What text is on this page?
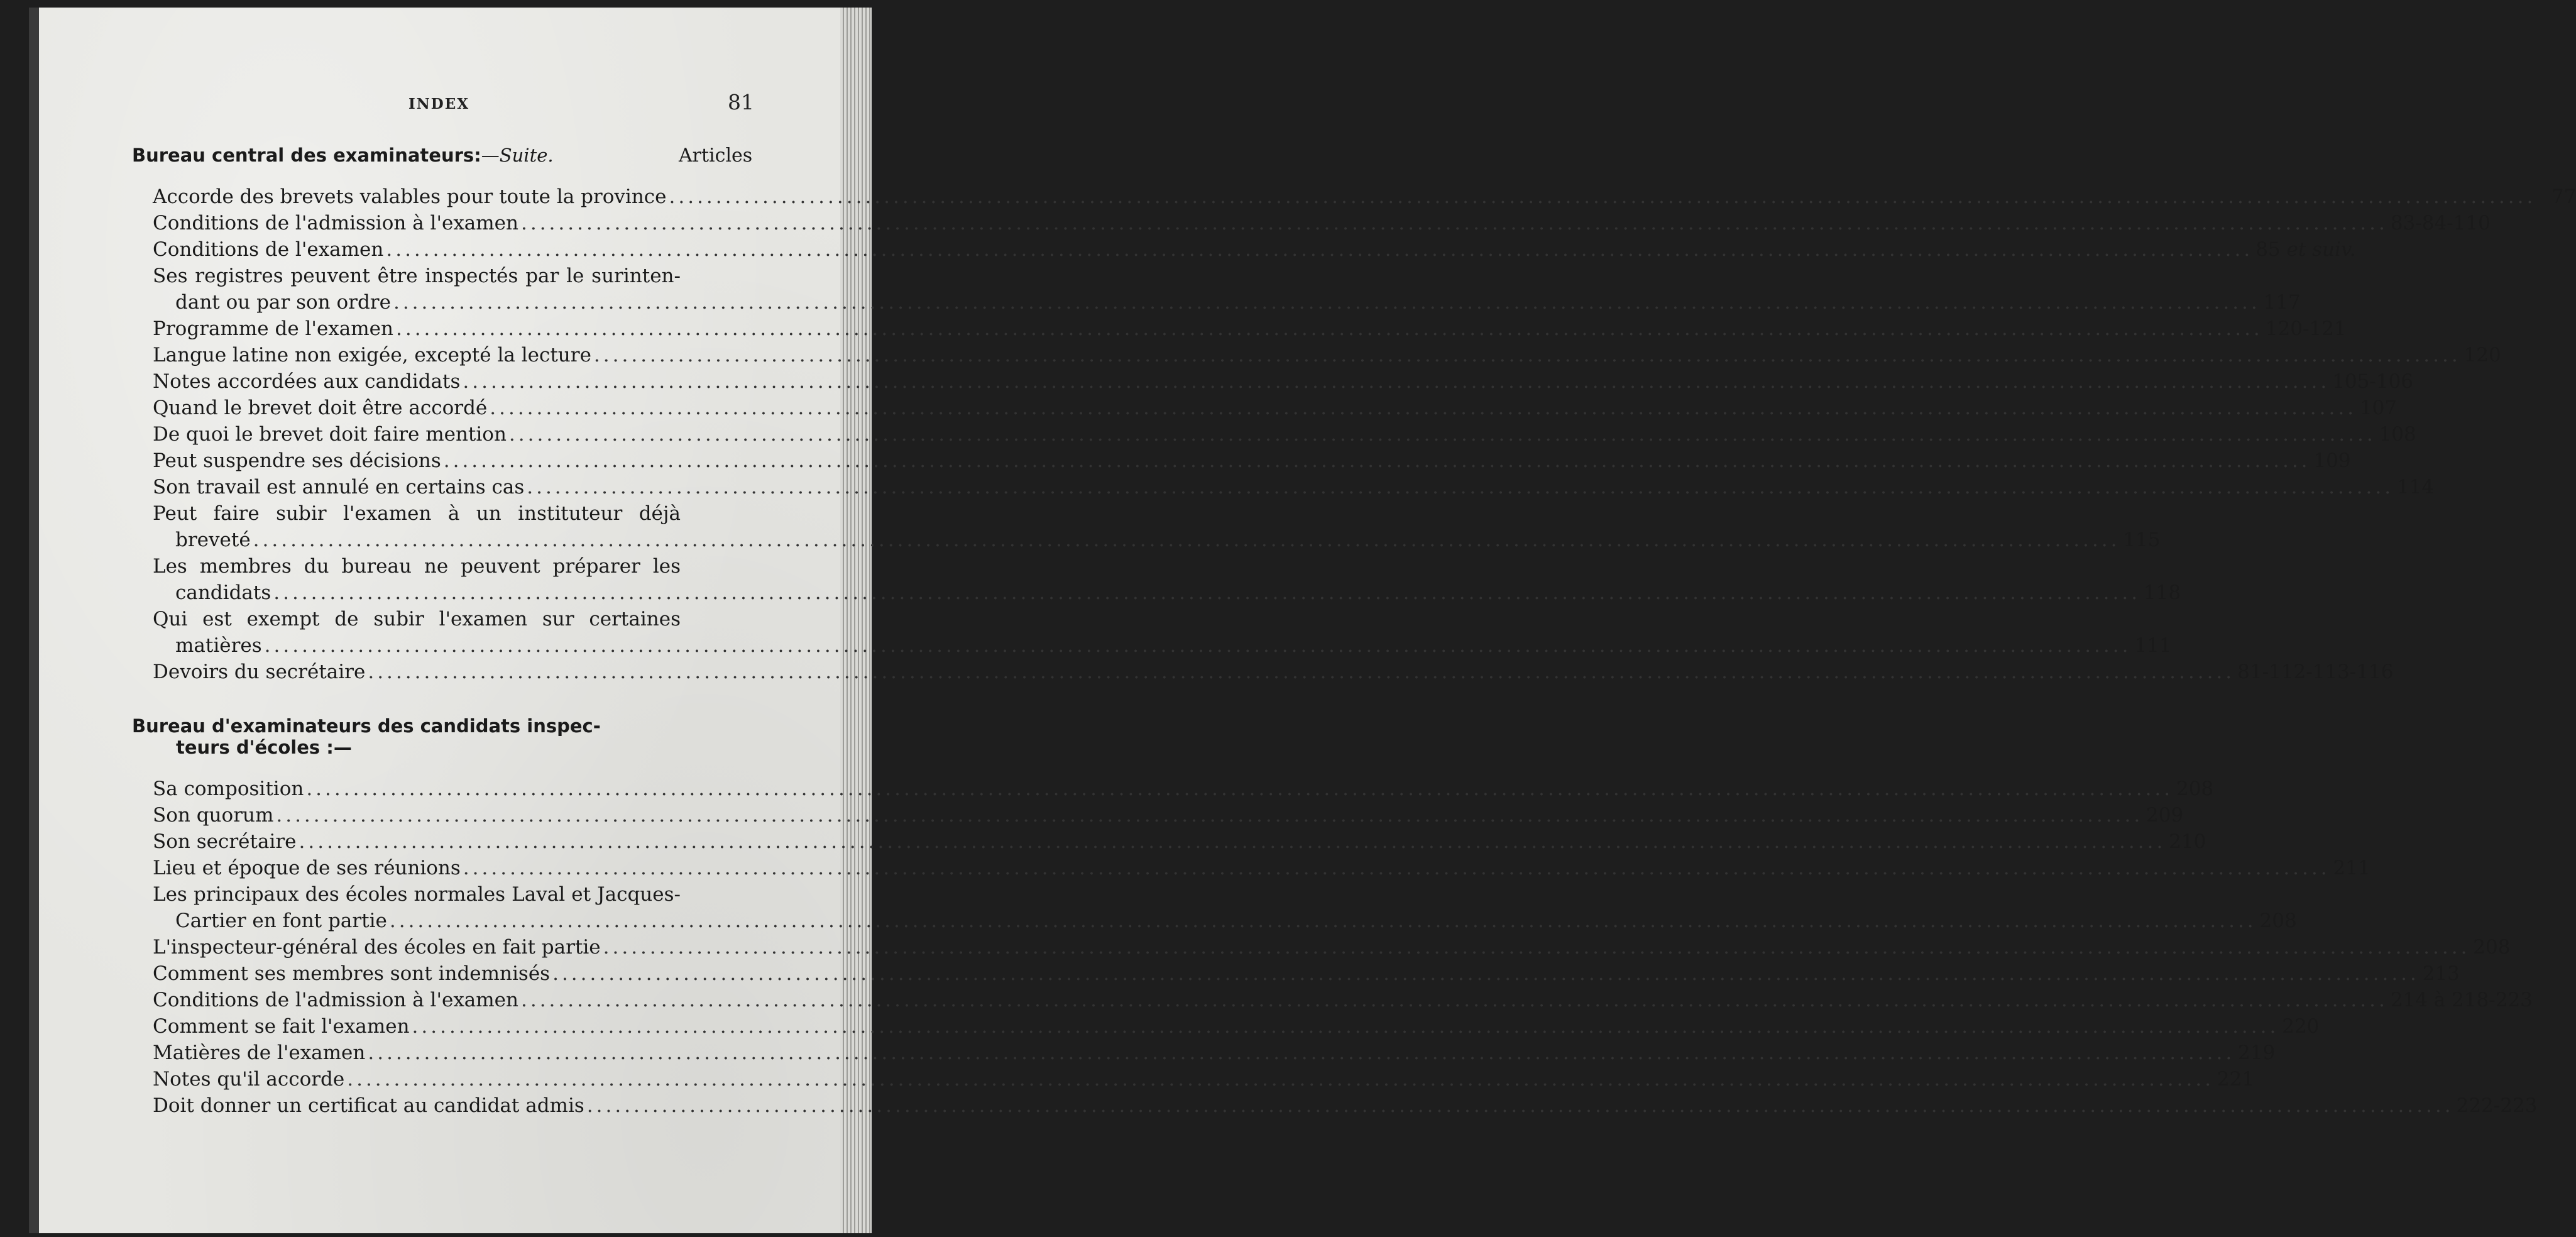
INDEX	81
Bureau central des examinateurs:—Suite.	Articles
Accorde des brevets valables pour toute la province ........................................................................................................................................................................................................ 77
Conditions de l'admission à l'examen ........................................................................................................................................................................................................ 83-84-110
Conditions de l'examen ........................................................................................................................................................................................................ 85 et suiv.
Ses registres peuvent être inspectés par le surinten-
dant ou par son ordre ........................................................................................................................................................................................................ 117
Programme de l'examen ........................................................................................................................................................................................................ 120-121
Langue latine non exigée, excepté la lecture ........................................................................................................................................................................................................ 120
Notes accordées aux candidats ........................................................................................................................................................................................................ 105-106
Quand le brevet doit être accordé ........................................................................................................................................................................................................ 107
De quoi le brevet doit faire mention ........................................................................................................................................................................................................ 108
Peut suspendre ses décisions ........................................................................................................................................................................................................ 109
Son travail est annulé en certains cas ........................................................................................................................................................................................................ 114
Peut faire subir l'examen à un instituteur déjà
breveté ........................................................................................................................................................................................................ 115
Les membres du bureau ne peuvent préparer les
candidats ........................................................................................................................................................................................................ 118
Qui est exempt de subir l'examen sur certaines
matières ........................................................................................................................................................................................................ 111
Devoirs du secrétaire ........................................................................................................................................................................................................ 81-112-113-116
Bureau d'examinateurs des candidats inspec-
teurs d'écoles :—
Sa composition ........................................................................................................................................................................................................ 208
Son quorum ........................................................................................................................................................................................................ 209
Son secrétaire ........................................................................................................................................................................................................ 210
Lieu et époque de ses réunions ........................................................................................................................................................................................................ 211
Les principaux des écoles normales Laval et Jacques-
Cartier en font partie ........................................................................................................................................................................................................ 208
L'inspecteur-général des écoles en fait partie ........................................................................................................................................................................................................ 208
Comment ses membres sont indemnisés ........................................................................................................................................................................................................ 213
Conditions de l'admission à l'examen ........................................................................................................................................................................................................ 214 à 218-223
Comment se fait l'examen ........................................................................................................................................................................................................ 220
Matières de l'examen ........................................................................................................................................................................................................ 219
Notes qu'il accorde ........................................................................................................................................................................................................ 221
Doit donner un certificat au candidat admis ........................................................................................................................................................................................................ 222-223
